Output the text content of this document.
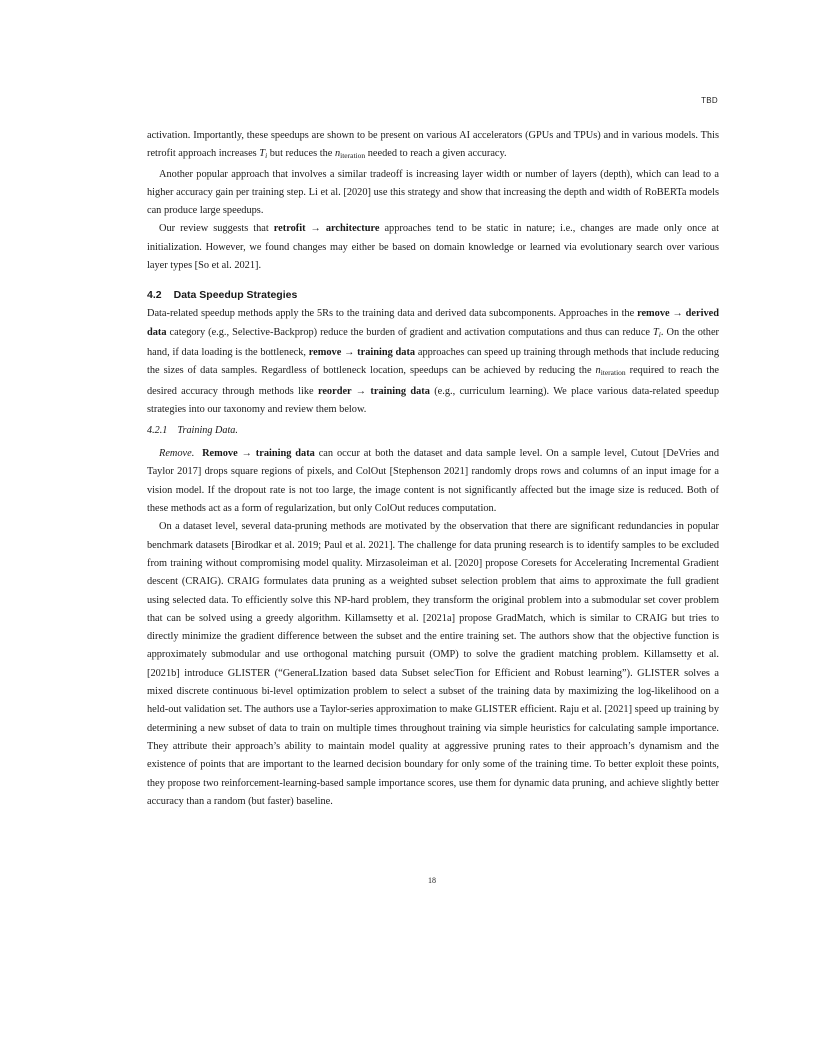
TBD

activation. Importantly, these speedups are shown to be present on various AI accelerators (GPUs and TPUs) and in various models. This retrofit approach increases $T_i$ but reduces the $n_{iteration}$ needed to reach a given accuracy.

Another popular approach that involves a similar tradeoff is increasing layer width or number of layers (depth), which can lead to a higher accuracy gain per training step. Li et al. [2020] use this strategy and show that increasing the depth and width of RoBERTa models can produce large speedups.

Our review suggests that retrofit → architecture approaches tend to be static in nature; i.e., changes are made only once at initialization. However, we found changes may either be based on domain knowledge or learned via evolutionary search over various layer types [So et al. 2021].

4.2 Data Speedup Strategies

Data-related speedup methods apply the 5Rs to the training data and derived data subcomponents. Approaches in the remove → derived data category (e.g., Selective-Backprop) reduce the burden of gradient and activation computations and thus can reduce $T_i$. On the other hand, if data loading is the bottleneck, remove → training data approaches can speed up training through methods that include reducing the sizes of data samples. Regardless of bottleneck location, speedups can be achieved by reducing the $n_{iteration}$ required to reach the desired accuracy through methods like reorder → training data (e.g., curriculum learning). We place various data-related speedup strategies into our taxonomy and review them below.

4.2.1 Training Data.

Remove. Remove → training data can occur at both the dataset and data sample level. On a sample level, Cutout [DeVries and Taylor 2017] drops square regions of pixels, and ColOut [Stephenson 2021] randomly drops rows and columns of an input image for a vision model. If the dropout rate is not too large, the image content is not significantly affected but the image size is reduced. Both of these methods act as a form of regularization, but only ColOut reduces computation.

On a dataset level, several data-pruning methods are motivated by the observation that there are significant redundancies in popular benchmark datasets [Birodkar et al. 2019; Paul et al. 2021]. The challenge for data pruning research is to identify samples to be excluded from training without compromising model quality. Mirzasoleiman et al. [2020] propose Coresets for Accelerating Incremental Gradient descent (CRAIG). CRAIG formulates data pruning as a weighted subset selection problem that aims to approximate the full gradient using selected data. To efficiently solve this NP-hard problem, they transform the original problem into a submodular set cover problem that can be solved using a greedy algorithm. Killamsetty et al. [2021a] propose GradMatch, which is similar to CRAIG but tries to directly minimize the gradient difference between the subset and the entire training set. The authors show that the objective function is approximately submodular and use orthogonal matching pursuit (OMP) to solve the gradient matching problem. Killamsetty et al. [2021b] introduce GLISTER (“GeneraLIzation based data Subset selecTion for Efficient and Robust learning”). GLISTER solves a mixed discrete continuous bi-level optimization problem to select a subset of the training data by maximizing the log-likelihood on a held-out validation set. The authors use a Taylor-series approximation to make GLISTER efficient. Raju et al. [2021] speed up training by determining a new subset of data to train on multiple times throughout training via simple heuristics for calculating sample importance. They attribute their approach’s ability to maintain model quality at aggressive pruning rates to their approach’s dynamism and the existence of points that are important to the learned decision boundary for only some of the training time. To better exploit these points, they propose two reinforcement-learning-based sample importance scores, use them for dynamic data pruning, and achieve slightly better accuracy than a random (but faster) baseline.

18
